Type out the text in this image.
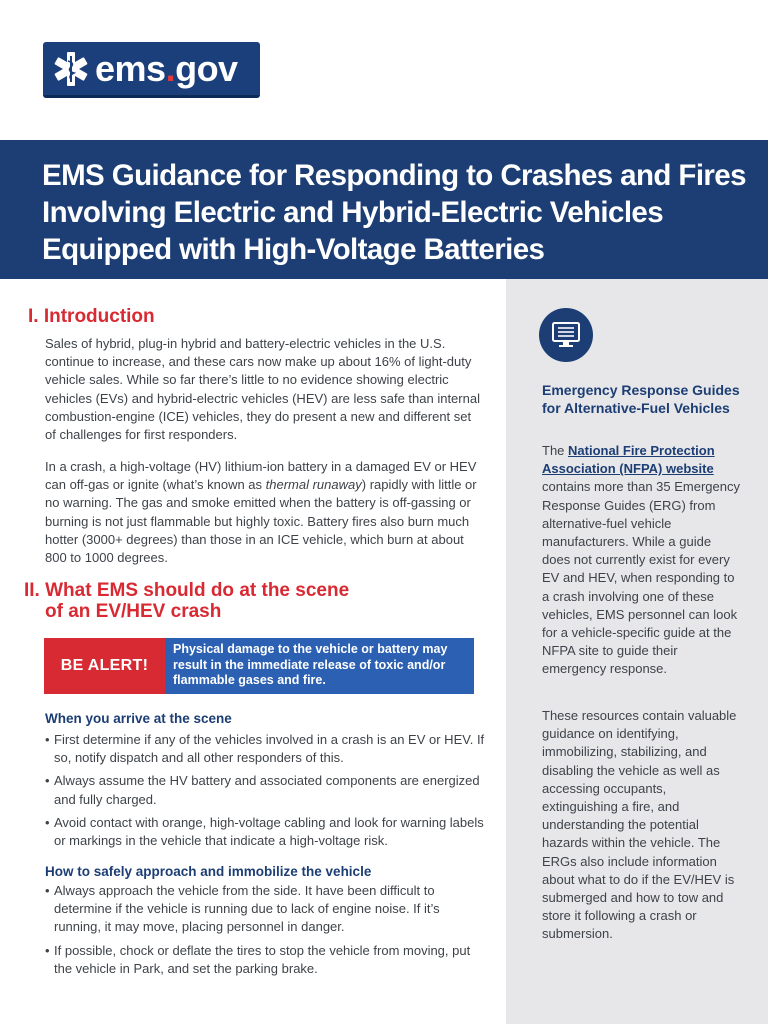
ems.gov
EMS Guidance for Responding to Crashes and Fires Involving Electric and Hybrid-Electric Vehicles Equipped with High-Voltage Batteries
I. Introduction

Sales of hybrid, plug-in hybrid and battery-electric vehicles in the U.S. continue to increase, and these cars now make up about 16% of light-duty vehicle sales. While so far there’s little to no evidence showing electric vehicles (EVs) and hybrid-electric vehicles (HEV) are less safe than internal combustion-engine (ICE) vehicles, they do present a new and different set of challenges for first responders.

In a crash, a high-voltage (HV) lithium-ion battery in a damaged EV or HEV can off-gas or ignite (what’s known as thermal runaway) rapidly with little or no warning. The gas and smoke emitted when the battery is off-gassing or burning is not just flammable but highly toxic. Battery fires also burn much hotter (3000+ degrees) than those in an ICE vehicle, which burn at about 800 to 1000 degrees.

II. What EMS should do at the scene
of an EV/HEV crash
BE ALERT!
Physical damage to the vehicle or battery may result in the immediate release of toxic and/or flammable gases and fire.
When you arrive at the scene
• First determine if any of the vehicles involved in a crash is an EV or HEV. If so, notify dispatch and all other responders of this.
• Always assume the HV battery and associated components are energized and fully charged.
• Avoid contact with orange, high-voltage cabling and look for warning labels or markings in the vehicle that indicate a high-voltage risk.
How to safely approach and immobilize the vehicle
• Always approach the vehicle from the side. It have been difficult to determine if the vehicle is running due to lack of engine noise. If it’s running, it may move, placing personnel in danger.
• If possible, chock or deflate the tires to stop the vehicle from moving, put the vehicle in Park, and set the parking brake.
Emergency Response Guides for Alternative-Fuel Vehicles

The National Fire Protection Association (NFPA) website contains more than 35 Emergency Response Guides (ERG) from alternative-fuel vehicle manufacturers. While a guide does not currently exist for every EV and HEV, when responding to a crash involving one of these vehicles, EMS personnel can look for a vehicle-specific guide at the NFPA site to guide their emergency response.

These resources contain valuable guidance on identifying, immobilizing, stabilizing, and disabling the vehicle as well as accessing occupants, extinguishing a fire, and understanding the potential hazards within the vehicle. The ERGs also include information about what to do if the EV/HEV is submerged and how to tow and store it following a crash or submersion.
